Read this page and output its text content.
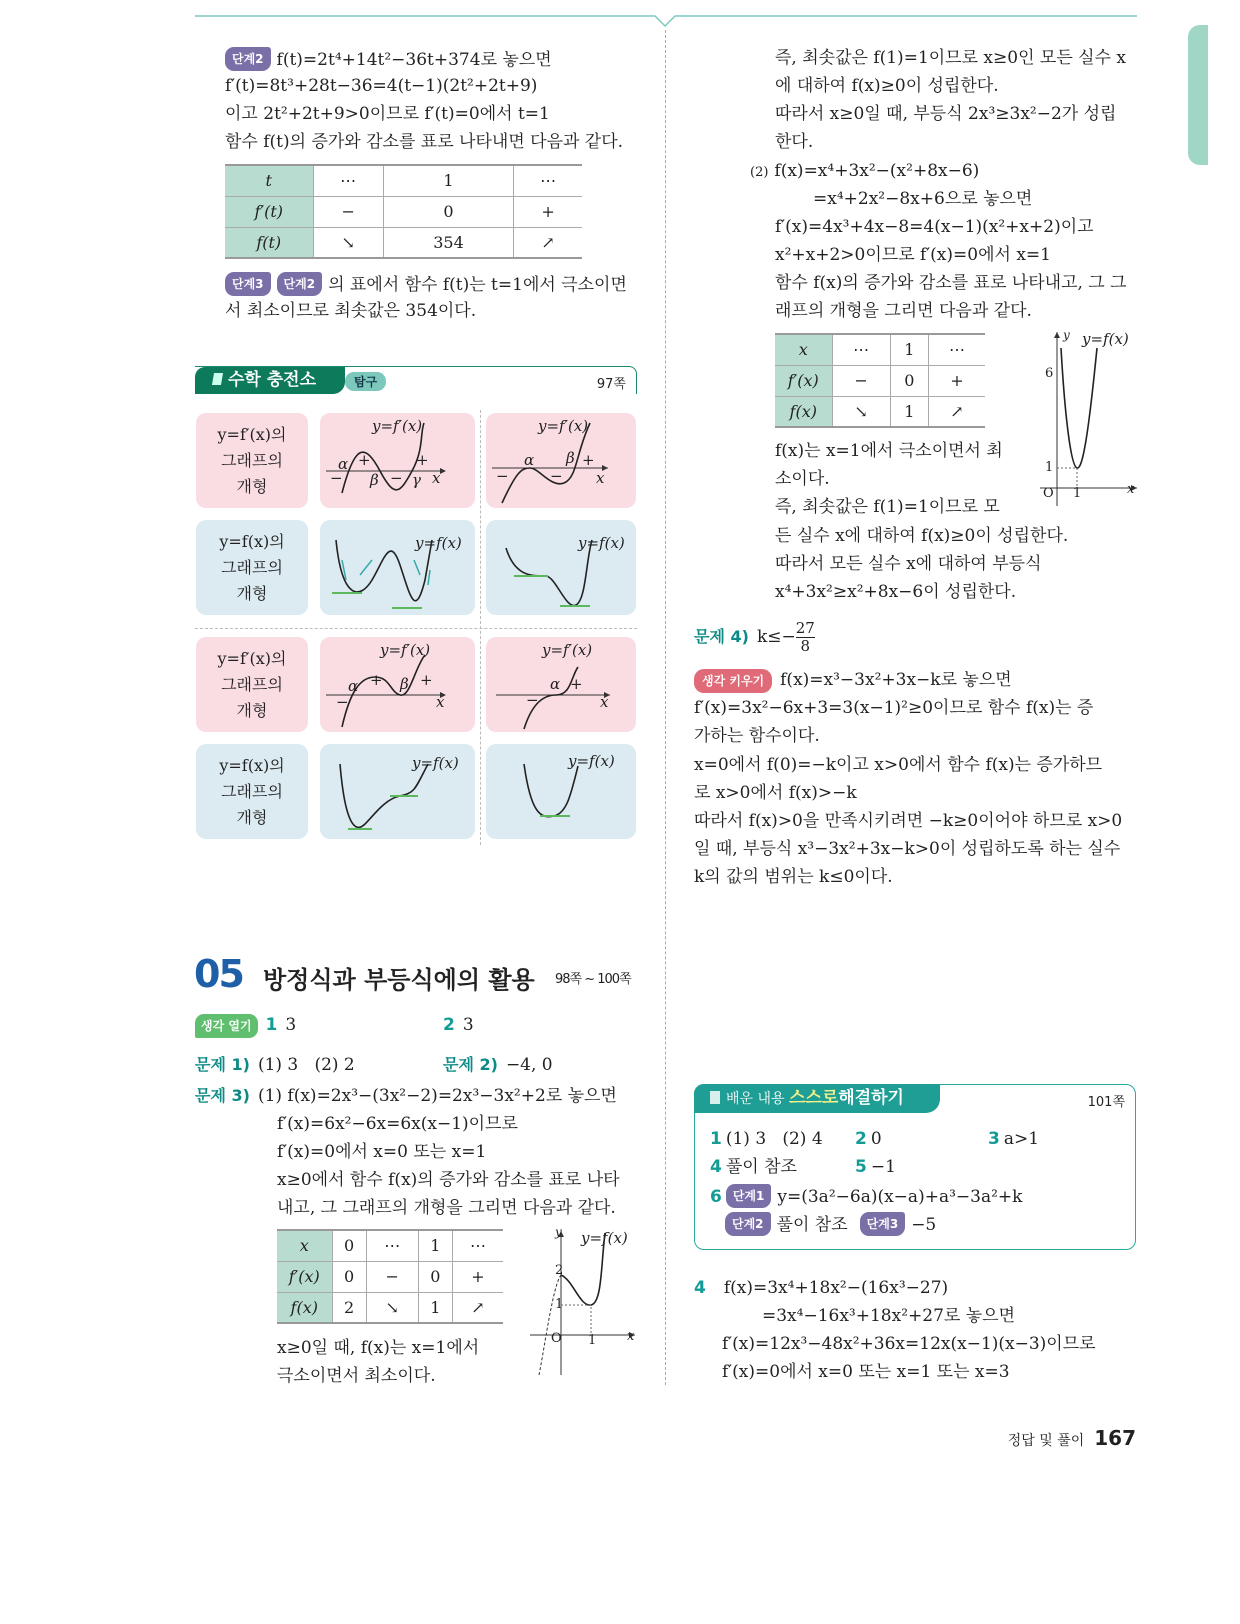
단계2 f(t)=2t⁴+14t²−36t+374로 놓으면
f′(t)=8t³+28t−36=4(t−1)(2t²+2t+9)
이고 2t²+2t+9>0이므로 f′(t)=0에서 t=1
함수 f(t)의 증가와 감소를 표로 나타내면 다음과 같다.
t	⋯	1	⋯
f′(t)	−	0	+
f(t)	↘	354	↗
단계3 단계2 의 표에서 함수 f(t)는 t=1에서 극소이면
서 최소이므로 최솟값은 354이다.
수학 충전소	탐구	97쪽
y=f′(x)의
그래프의
개형
y=f(x)의
그래프의
개형
y=f′(x)의
그래프의
개형
y=f(x)의
그래프의
개형
y=f′(x)
α +	+
− β − γ x
y=f′(x)
α β +
−	− x
y=f(x)	y=f(x)
y=f′(x)
α + β +
−	x
y=f′(x)
α +
−	x
y=f(x)	y=f(x)
05 방정식과 부등식에의 활용 98쪽 ~ 100쪽
생각 열기 1 3	2 3
문제 1) (1) 3   (2) 2	문제 2) −4, 0
문제 3) (1) f(x)=2x³−(3x²−2)=2x³−3x²+2로 놓으면
f′(x)=6x²−6x=6x(x−1)이므로
f′(x)=0에서 x=0 또는 x=1
x≥0에서 함수 f(x)의 증가와 감소를 표로 나타
내고, 그 그래프의 개형을 그리면 다음과 같다.
x	0	⋯	1	⋯
f′(x)	0	−	0	+
f(x)	2	↘	1	↗
y y=f(x)
2
1
O 1 x
x≥0일 때, f(x)는 x=1에서
극소이면서 최소이다.
즉, 최솟값은 f(1)=1이므로 x≥0인 모든 실수 x
에 대하여 f(x)≥0이 성립한다.
따라서 x≥0일 때, 부등식 2x³≥3x²−2가 성립
한다.
(2) f(x)=x⁴+3x²−(x²+8x−6)
=x⁴+2x²−8x+6으로 놓으면
f′(x)=4x³+4x−8=4(x−1)(x²+x+2)이고
x²+x+2>0이므로 f′(x)=0에서 x=1
함수 f(x)의 증가와 감소를 표로 나타내고, 그 그
래프의 개형을 그리면 다음과 같다.
x	⋯	1	⋯
f′(x)	−	0	+
f(x)	↘	1	↗
y y=f(x)
6
1
O 1	x
f(x)는 x=1에서 극소이면서 최
소이다.
즉, 최솟값은 f(1)=1이므로 모
든 실수 x에 대하여 f(x)≥0이 성립한다.
따라서 모든 실수 x에 대하여 부등식
x⁴+3x²≥x²+8x−6이 성립한다.
문제 4) $k\le- \frac{27}{8}$
생각 키우기 f(x)=x³−3x²+3x−k로 놓으면
f′(x)=3x²−6x+3=3(x−1)²≥0이므로 함수 f(x)는 증
가하는 함수이다.
x=0에서 f(0)=−k이고 x>0에서 함수 f(x)는 증가하므
로 x>0에서 f(x)>−k
따라서 f(x)>0을 만족시키려면 −k≥0이어야 하므로 x>0
일 때, 부등식 x³−3x²+3x−k>0이 성립하도록 하는 실수
k의 값의 범위는 k≤0이다.
배운 내용 스스로해결하기	101쪽
1 (1) 3   (2) 4 2 0	3 a>1
4 풀이 참조	5 −1
6 단계1 y=(3a²−6a)(x−a)+a³−3a²+k
단계2 풀이 참조 단계3 −5
4 f(x)=3x⁴+18x²−(16x³−27)
=3x⁴−16x³+18x²+27로 놓으면
f′(x)=12x³−48x²+36x=12x(x−1)(x−3)이므로
f′(x)=0에서 x=0 또는 x=1 또는 x=3
정답 및 풀이 167
